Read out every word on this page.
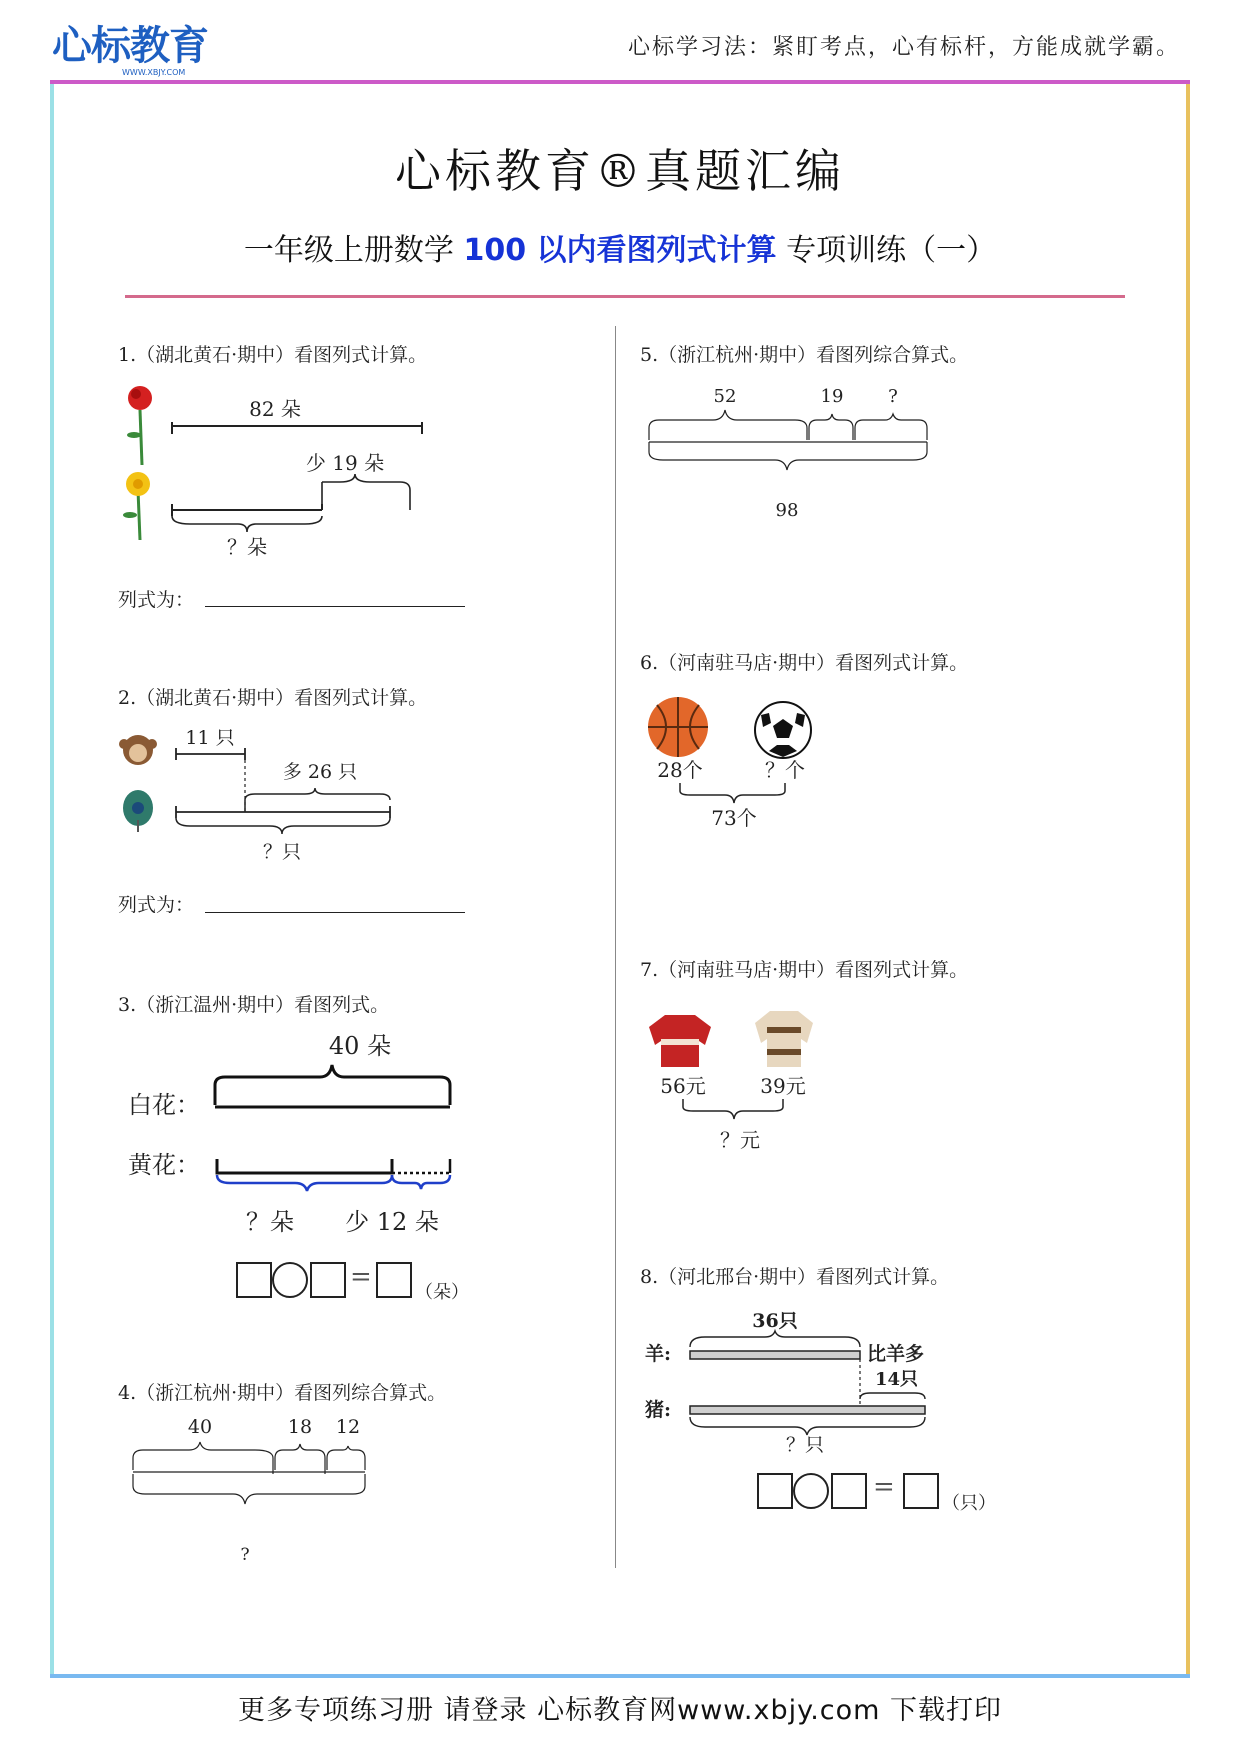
心标教育
WWW.XBJY.COM
心标学习法：紧盯考点，心有标杆，方能成就学霸。
心标教育®真题汇编
一年级上册数学 100 以内看图列式计算 专项训练（一）
1.（湖北黄石·期中）看图列式计算。
82 朵
少 19 朵
？朵
列式为：
2.（湖北黄石·期中）看图列式计算。
11 只
多 26 只
？只
列式为：
3.（浙江温州·期中）看图列式。
40 朵
白花：
黄花：
？朵 少 12 朵
=
（朵）
4.（浙江杭州·期中）看图列综合算式。
40	18 12
?
5.（浙江杭州·期中）看图列综合算式。
52	19 ?
98
6.（河南驻马店·期中）看图列式计算。
28个	？个
73个
7.（河南驻马店·期中）看图列式计算。
56元	39元
？元
8.（河北邢台·期中）看图列式计算。
36只
羊:	比羊多
14只
猪:
？只
=
（只）
更多专项练习册 请登录 心标教育网www.xbjy.com 下载打印
